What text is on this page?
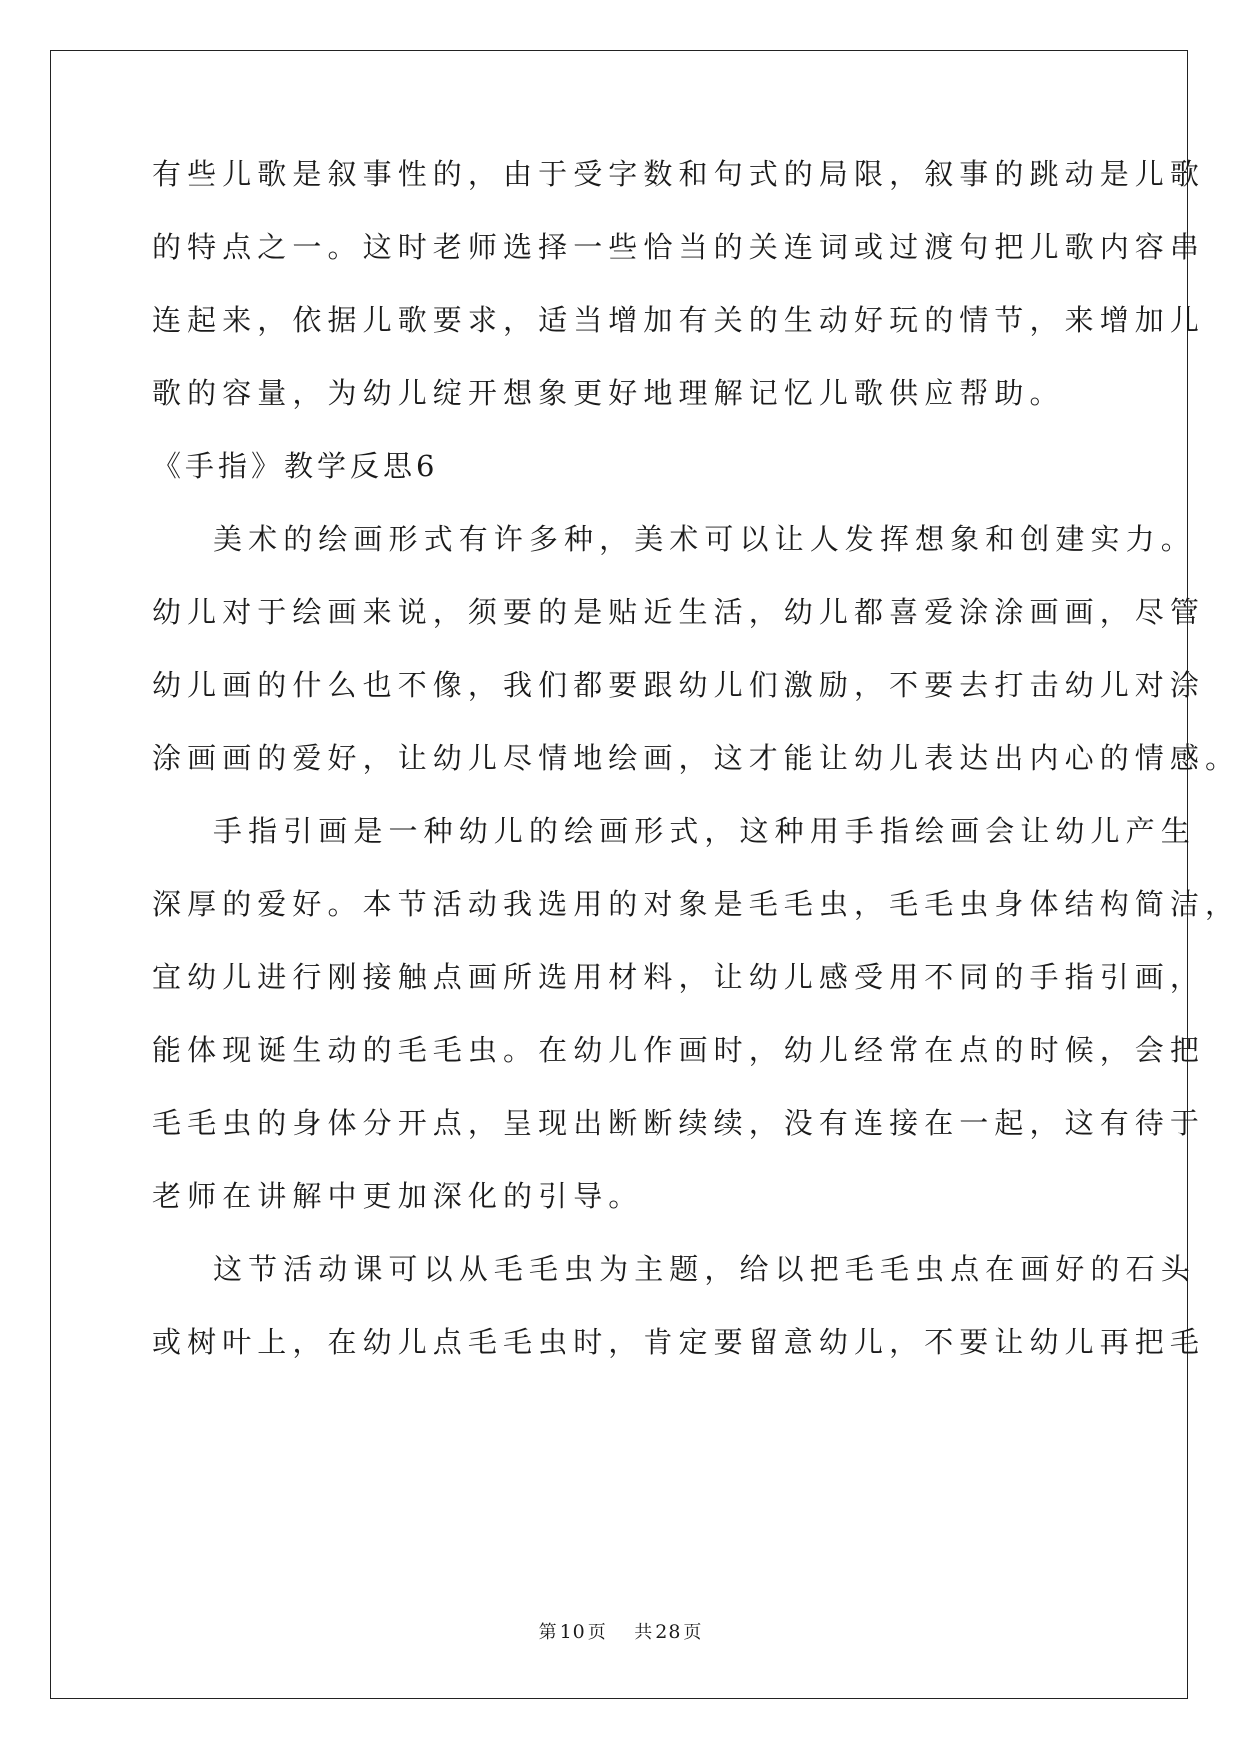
有些儿歌是叙事性的，由于受字数和句式的局限，叙事的跳动是儿歌
的特点之一。这时老师选择一些恰当的关连词或过渡句把儿歌内容串
连起来，依据儿歌要求，适当增加有关的生动好玩的情节，来增加儿
歌的容量，为幼儿绽开想象更好地理解记忆儿歌供应帮助。
《手指》教学反思6
美术的绘画形式有许多种，美术可以让人发挥想象和创建实力。
幼儿对于绘画来说，须要的是贴近生活，幼儿都喜爱涂涂画画，尽管
幼儿画的什么也不像，我们都要跟幼儿们激励，不要去打击幼儿对涂
涂画画的爱好，让幼儿尽情地绘画，这才能让幼儿表达出内心的情感。
手指引画是一种幼儿的绘画形式，这种用手指绘画会让幼儿产生
深厚的爱好。本节活动我选用的对象是毛毛虫，毛毛虫身体结构简洁，
宜幼儿进行刚接触点画所选用材料，让幼儿感受用不同的手指引画，
能体现诞生动的毛毛虫。在幼儿作画时，幼儿经常在点的时候，会把
毛毛虫的身体分开点，呈现出断断续续，没有连接在一起，这有待于
老师在讲解中更加深化的引导。
这节活动课可以从毛毛虫为主题，给以把毛毛虫点在画好的石头
或树叶上，在幼儿点毛毛虫时，肯定要留意幼儿，不要让幼儿再把毛
第 10 页 共 28 页
